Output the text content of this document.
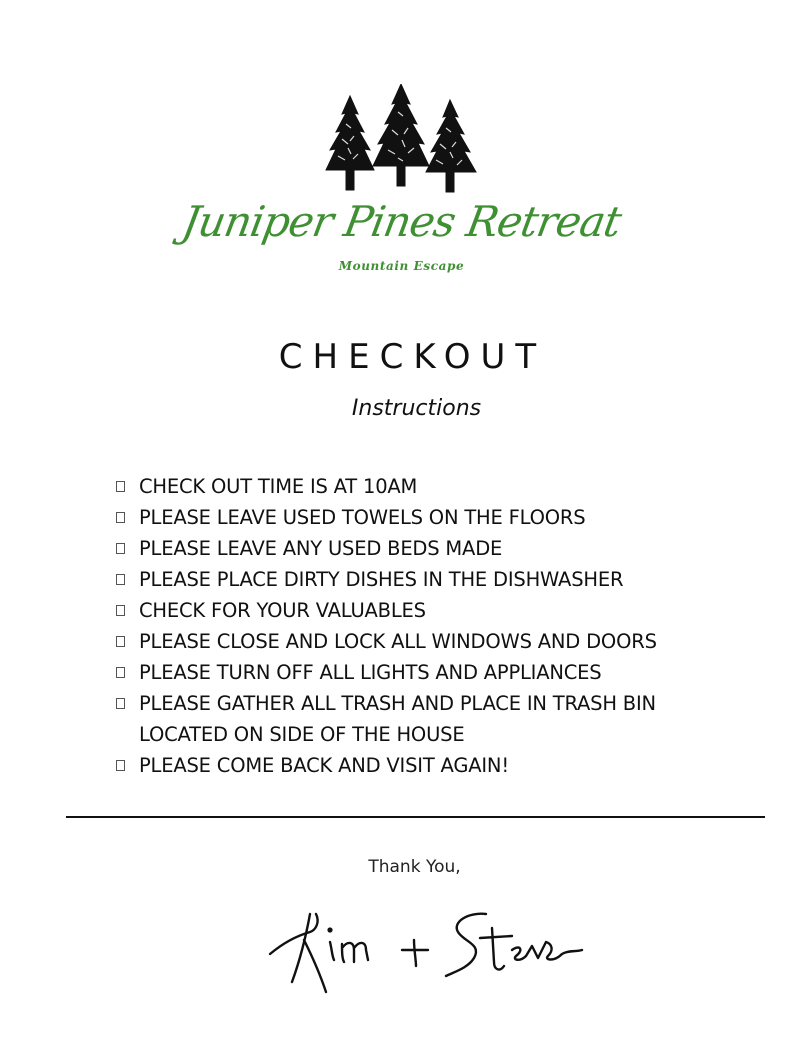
Juniper Pines Retreat
Mountain Escape
CHECKOUT
Instructions
CHECK OUT TIME IS AT 10AM
PLEASE LEAVE USED TOWELS ON THE FLOORS
PLEASE LEAVE ANY USED BEDS MADE
PLEASE PLACE DIRTY DISHES IN THE DISHWASHER
CHECK FOR YOUR VALUABLES
PLEASE CLOSE AND LOCK ALL WINDOWS AND DOORS
PLEASE TURN OFF ALL LIGHTS AND APPLIANCES
PLEASE GATHER ALL TRASH AND PLACE IN TRASH BIN
LOCATED ON SIDE OF THE HOUSE
PLEASE COME BACK AND VISIT AGAIN!
Thank You,
